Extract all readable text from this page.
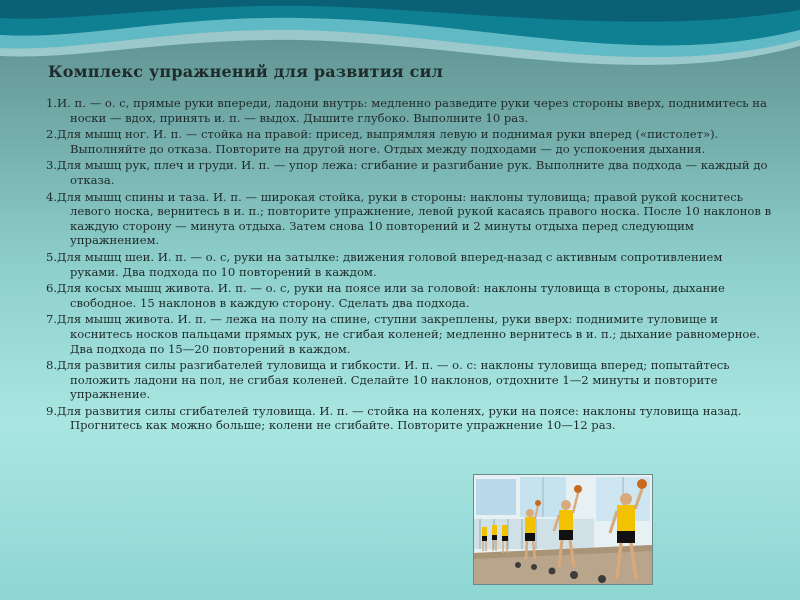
Комплекс упражнений для развития сил

1.И. п. — о. с, прямые руки впереди, ладони внутрь: медленно разведите руки через стороны вверх, поднимитесь на носки — вдох, принять и. п. — выдох. Дышите глубоко. Выполните 10 раз.

2.Для мышц ног. И. п. — стойка на правой: присед, выпрямляя левую и поднимая руки вперед («пистолет»). Выполняйте до отказа. Повторите на другой ноге. Отдых между подходами — до успокоения дыхания.

3.Для мышц рук, плеч и груди. И. п. — упор лежа: сгибание и разгибание рук. Выполните два подхода — каждый до отказа.

4.Для мышц спины и таза. И. п. — широкая стойка, руки в стороны: наклоны туловища; правой рукой коснитесь левого носка, вернитесь в и. п.; повторите упражнение, левой рукой касаясь правого носка. После 10 наклонов в каждую сторону — минута отдыха. Затем снова 10 повторений и 2 минуты отдыха перед следующим упражнением.

5.Для мышц шеи. И. п. — о. с, руки на затылке: движения головой вперед-назад с активным сопротивлением руками. Два подхода по 10 повторений в каждом.

6.Для косых мышц живота. И. п. — о. с, руки на поясе или за головой: наклоны туловища в стороны, дыхание свободное. 15 наклонов в каждую сторону. Сделать два подхода.

7.Для мышц живота. И. п. — лежа на полу на спине, ступни закреплены, руки вверх: поднимите туловище и коснитесь носков пальцами прямых рук, не сгибая коленей; медленно вернитесь в и. п.; дыхание равномерное. Два подхода по 15—20 повторений в каждом.

8.Для развития силы разгибателей туловища и гибкости. И. п. — о. с: наклоны туловища вперед; попытайтесь положить ладони на пол, не сгибая коленей. Сделайте 10 наклонов, отдохните 1—2 минуты и повторите упражнение.

9.Для развития силы сгибателей туловища. И. п. — стойка на коленях, руки на поясе: наклоны туловища назад. Прогнитесь как можно больше; колени не сгибайте. Повторите упражнение 10—12 раз.
